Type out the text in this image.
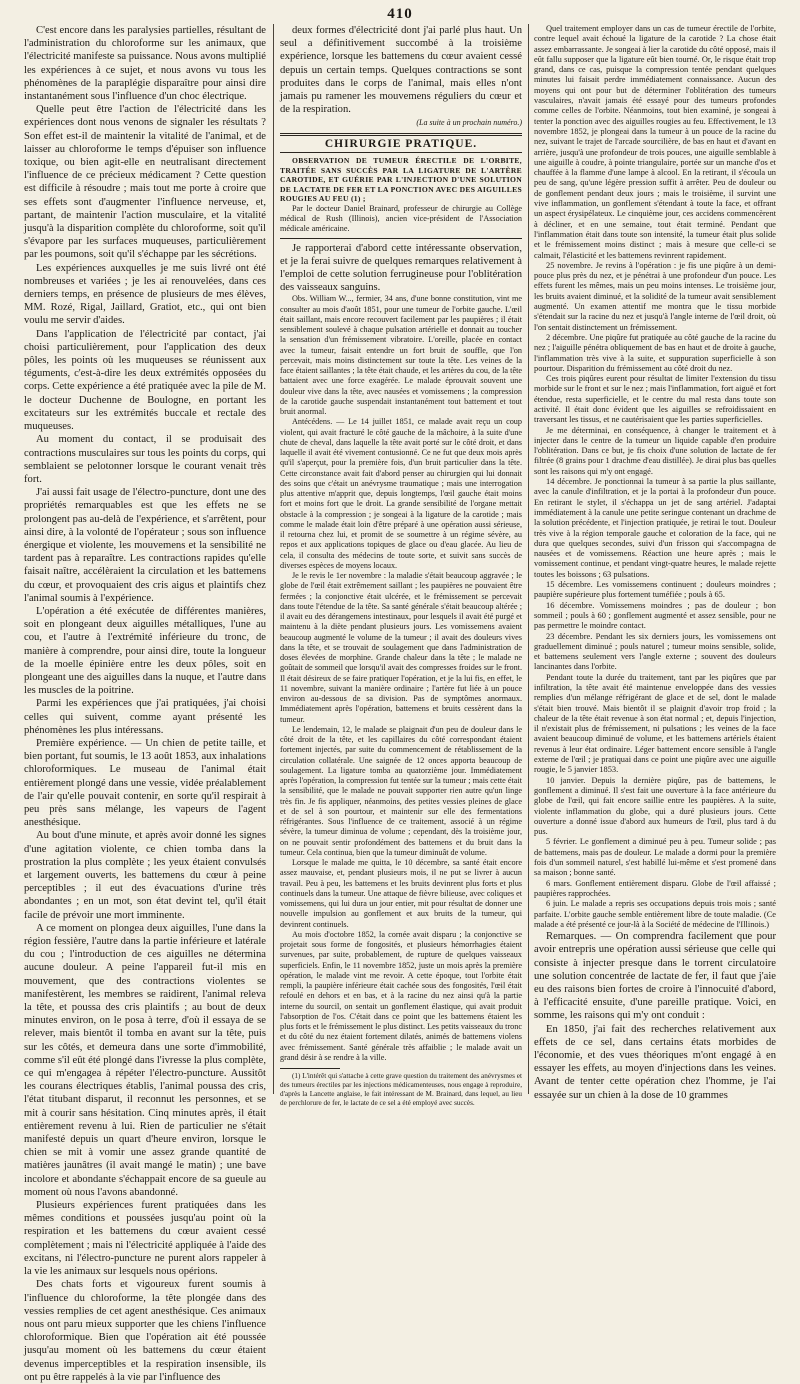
410

C'est encore dans les paralysies partielles, résultant de l'administration du chloroforme sur les animaux, que l'électricité manifeste sa puissance. Nous avons multiplié les expériences à ce sujet, et nous avons vu tous les phénomènes de la paraplégie disparaître pour ainsi dire instantanément sous l'influence d'un choc électrique.

Quelle peut être l'action de l'électricité dans les expériences dont nous venons de signaler les résultats ? Son effet est-il de maintenir la vitalité de l'animal, et de laisser au chloroforme le temps d'épuiser son influence toxique, ou bien agit-elle en neutralisant directement l'influence de ce précieux médicament ? Cette question est difficile à résoudre ; mais tout me porte à croire que ses effets sont d'augmenter l'influence nerveuse, et, partant, de maintenir l'action musculaire, et la vitalité jusqu'à la disparition complète du chloroforme, soit qu'il s'évapore par les surfaces muqueuses, particulièrement par les poumons, soit qu'il s'échappe par les sécrétions.

Les expériences auxquelles je me suis livré ont été nombreuses et variées ; je les ai renouvelées, dans ces derniers temps, en présence de plusieurs de mes élèves, MM. Rozé, Rigal, Jaillard, Gratiot, etc., qui ont bien voulu me servir d'aides.

Dans l'application de l'électricité par contact, j'ai choisi particulièrement, pour l'application des deux pôles, les points où les muqueuses se réunissent aux téguments, c'est-à-dire les deux extrémités opposées du corps. Cette expérience a été pratiquée avec la pile de M. le docteur Duchenne de Boulogne, en portant les excitateurs sur les extrémités buccale et rectale des muqueuses.

Au moment du contact, il se produisait des contractions musculaires sur tous les points du corps, qui semblaient se pelotonner lorsque le courant venait très fort.

J'ai aussi fait usage de l'électro-puncture, dont une des propriétés remarquables est que les effets ne se prolongent pas au-delà de l'expérience, et s'arrêtent, pour ainsi dire, à la volonté de l'opérateur ; sous son influence énergique et violente, les mouvemens et la sensibilité ne tardent pas à reparaître. Les contractions rapides qu'elle faisait naître, accélèraient la circulation et les battemens du cœur, et provoquaient des cris aigus et plaintifs chez l'animal soumis à l'expérience.

L'opération a été exécutée de différentes manières, soit en plongeant deux aiguilles métalliques, l'une au cou, et l'autre à l'extrémité inférieure du tronc, de manière à comprendre, pour ainsi dire, toute la longueur de la moelle épinière entre les deux pôles, soit en plongeant une des aiguilles dans la nuque, et l'autre dans les muscles de la poitrine.

Parmi les expériences que j'ai pratiquées, j'ai choisi celles qui suivent, comme ayant présenté les phénomènes les plus intéressans.

Première expérience. — Un chien de petite taille, et bien portant, fut soumis, le 13 août 1853, aux inhalations chloroformiques. Le museau de l'animal était entièrement plongé dans une vessie, vidée préalablement de l'air qu'elle pouvait contenir, en sorte qu'il respirait à peu près sans mélange, les vapeurs de l'agent anesthésique.

Au bout d'une minute, et après avoir donné les signes d'une agitation violente, ce chien tomba dans la prostration la plus complète ; les yeux étaient convulsés et largement ouverts, les battemens du cœur à peine perceptibles ; il eut des évacuations d'urine très abondantes ; en un mot, son état devint tel, qu'il était facile de prévoir une mort imminente.

A ce moment on plongea deux aiguilles, l'une dans la région fessière, l'autre dans la partie inférieure et latérale du cou ; l'introduction de ces aiguilles ne détermina aucune douleur. A peine l'appareil fut-il mis en mouvement, que des contractions violentes se manifestèrent, les membres se raidirent, l'animal releva la tête, et poussa des cris plaintifs ; au bout de deux minutes environ, on le posa à terre, d'où il essaya de se relever, mais bientôt il tomba en avant sur la tête, puis sur les côtés, et demeura dans une sorte d'immobilité, comme s'il eût été plongé dans l'ivresse la plus complète, ce qui m'engagea à répéter l'électro-puncture. Aussitôt les courans électriques établis, l'animal poussa des cris, l'état titubant disparut, il reconnut les personnes, et se mit à courir sans hésitation. Cinq minutes après, il était entièrement revenu à lui. Rien de particulier ne s'était manifesté depuis un quart d'heure environ, lorsque le chien se mit à vomir une assez grande quantité de matières jaunâtres (il avait mangé le matin) ; une bave incolore et abondante s'échappait encore de sa gueule au moment où nous l'avons abandonné.

Plusieurs expériences furent pratiquées dans les mêmes conditions et poussées jusqu'au point où la respiration et les battemens du cœur avaient cessé complètement ; mais ni l'électricité appliquée à l'aide des excitans, ni l'électro-puncture ne purent alors rappeler à la vie les animaux sur lesquels nous opérions.

Des chats forts et vigoureux furent soumis à l'influence du chloroforme, la tête plongée dans des vessies remplies de cet agent anesthésique. Ces animaux nous ont paru mieux supporter que les chiens l'influence chloroformique. Bien que l'opération ait été poussée jusqu'au moment où les battemens du cœur étaient devenus imperceptibles et la respiration insensible, ils ont pu être rappelés à la vie par l'influence des

deux formes d'électricité dont j'ai parlé plus haut. Un seul a définitivement succombé à la troisième expérience, lorsque les battemens du cœur avaient cessé depuis un certain temps. Quelques contractions se sont produites dans le corps de l'animal, mais elles n'ont jamais pu ramener les mouvemens réguliers du cœur et de la respiration.

(La suite à un prochain numéro.)
CHIRURGIE PRATIQUE.

OBSERVATION DE TUMEUR ÉRECTILE DE L'ORBITE, TRAITÉE SANS SUCCÈS PAR LA LIGATURE DE L'ARTÈRE CAROTIDE, ET GUÉRIE PAR L'INJECTION D'UNE SOLUTION DE LACTATE DE FER ET LA PONCTION AVEC DES AIGUILLES ROUGIES AU FEU (1) ;

Par le docteur Daniel Brainard, professeur de chirurgie au Collège médical de Rush (Illinois), ancien vice-président de l'Association médicale américaine.

Je rapporterai d'abord cette intéressante observation, et je la ferai suivre de quelques remarques relativement à l'emploi de cette solution ferrugineuse pour l'oblitération des vaisseaux sanguins.

Obs. William W..., fermier, 34 ans, d'une bonne constitution, vint me consulter au mois d'août 1851, pour une tumeur de l'orbite gauche. L'œil était saillant, mais encore recouvert facilement par les paupières ; il était sensiblement soulevé à chaque pulsation artérielle et donnait au toucher la sensation d'un frémissement vibratoire. L'oreille, placée en contact avec la tumeur, faisait entendre un fort bruit de souffle, que l'on percevait, mais moins distinctement sur toute la tête. Les veines de la face étaient saillantes ; la tête était chaude, et les artères du cou, de la tête battaient avec une force exagérée. Le malade éprouvait souvent une douleur vive dans la tête, avec nausées et vomissemens ; la compression de la carotide gauche suspendait instantanément tout battement et tout bruit anormal.

Antécédens. — Le 14 juillet 1851, ce malade avait reçu un coup violent, qui avait fracturé le côté gauche de la mâchoire, à la suite d'une chute de cheval, dans laquelle la tête avait porté sur le côté droit, et dans laquelle il avait été vivement contusionné. Ce ne fut que deux mois après qu'il s'aperçut, pour la première fois, d'un bruit particulier dans la tête. Cette circonstance avait fait d'abord penser au chirurgien qui lui donnait des soins que c'était un anévrysme traumatique ; mais une interrogation plus attentive m'apprit que, depuis longtemps, l'œil gauche était moins fort et moins fort que le droit. La grande sensibilité de l'organe mettait obstacle à la compression ; je songeai à la ligature de la carotide ; mais comme le malade était loin d'être préparé à une opération aussi sérieuse, il retourna chez lui, et promit de se soumettre à un régime sévère, au repos et aux applications topiques de glace ou d'eau glacée. Au lieu de cela, il consulta des médecins de toute sorte, et suivit sans succès de diverses espèces de moyens locaux.

Je le revis le 1er novembre : la maladie s'était beaucoup aggravée ; le globe de l'œil était extrêmement saillant ; les paupières ne pouvaient être fermées ; la conjonctive était ulcérée, et le frémissement se percevait dans toute l'étendue de la tête. Sa santé générale s'était beaucoup altérée ; il avait eu des dérangemens intestinaux, pour lesquels il avait été purgé et maintenu à la diète pendant plusieurs jours. Les vomissemens avaient beaucoup augmenté le volume de la tumeur ; il avait des douleurs vives dans la tête, et se trouvait de soulagement que dans l'administration de doses élevées de morphine. Grande chaleur dans la tête ; le malade ne goûtait de sommeil que lorsqu'il avait des compresses froides sur le front. Il était désireux de se faire pratiquer l'opération, et je la lui fis, en effet, le 11 novembre, suivant la manière ordinaire ; l'artère fut liée à un pouce environ au-dessous de sa division. Pas de symptômes anormaux. Immédiatement après l'opération, battemens et bruits cessèrent dans la tumeur.

Le lendemain, 12, le malade se plaignait d'un peu de douleur dans le côté droit de la tête, et les capillaires du côté correspondant étaient fortement injectés, par suite du commencement de rétablissement de la circulation collatérale. Une saignée de 12 onces apporta beaucoup de soulagement. La ligature tomba au quatorzième jour. Immédiatement après l'opération, la compression fut tentée sur la tumeur ; mais cette était la sensibilité, que le malade ne pouvait supporter rien autre qu'un linge très fin. Je fis appliquer, néanmoins, des petites vessies pleines de glace et de sel à son pourtour, et maintenir sur elle des fermentations réfrigérantes. Sous l'influence de ce traitement, associé à un régime sévère, la tumeur diminua de volume ; cependant, dès la troisième jour, on ne pouvait sentir profondément des battemens et du bruit dans la tumeur. Cela continua, bien que la tumeur diminuât de volume.

Lorsque le malade me quitta, le 10 décembre, sa santé était encore assez mauvaise, et, pendant plusieurs mois, il ne put se livrer à aucun travail. Peu à peu, les battemens et les bruits devinrent plus forts et plus continuels dans la tumeur. Une attaque de fièvre bilieuse, avec coliques et vomissemens, qui lui dura un jour entier, mit pour résultat de donner une nouvelle impulsion au gonflement et aux bruits de la tumeur, qui devinrent continuels.

Au mois d'octobre 1852, la cornée avait disparu ; la conjonctive se projetait sous forme de fongosités, et plusieurs hémorrhagies étaient survenues, par suite, probablement, de rupture de quelques vaisseaux superficiels. Enfin, le 11 novembre 1852, juste un mois après la première opération, le malade vint me revoir. A cette époque, tout l'orbite était rempli, la paupière inférieure était cachée sous des fongosités, l'œil était refoulé en dehors et en bas, et à la racine du nez ainsi qu'à la partie interne du sourcil, on sentait un gonflement élastique, qui avait produit l'absorption de l'os. C'était dans ce point que les battemens étaient les plus forts et le frémissement le plus distinct. Les petits vaisseaux du tronc et du côté du nez étaient fortement dilatés, animés de battemens violens avec frémissement. Santé générale très affaiblie ; le malade avait un grand désir à se rendre à la ville.

(1) L'intérêt qui s'attache à cette grave question du traitement des anévrysmes et des tumeurs érectiles par les injections médicamenteuses, nous engage à reproduire, d'après la Lancette anglaise, le fait intéressant de M. Brainard, dans lequel, au lieu de perchlorure de fer, le lactate de ce sel a été employé avec succès.

Quel traitement employer dans un cas de tumeur érectile de l'orbite, contre lequel avait échoué la ligature de la carotide ? La chose était assez embarrassante. Je songeai à lier la carotide du côté opposé, mais il eût fallu supposer que la ligature eût bien tourné. Or, le risque était trop grand, dans ce cas, puisque la compression tentée pendant quelques minutes lui faisait perdre immédiatement connaissance. Aucun des moyens qui ont pour but de déterminer l'oblitération des tumeurs vasculaires, n'avait jamais été essayé pour des tumeurs profondes comme celles de l'orbite. Néanmoins, tout bien examiné, je songeai à tenter la ponction avec des aiguilles rougies au feu. Effectivement, le 13 novembre 1852, je plongeai dans la tumeur à un pouce de la racine du nez, suivant le trajet de l'arcade sourcilière, de bas en haut et d'avant en arrière, jusqu'à une profondeur de trois pouces, une aiguille semblable à une aiguille à coudre, à pointe triangulaire, portée sur un manche d'os et chauffée à la flamme d'une lampe à alcool. En la retirant, il s'écoula un peu de sang, qu'une légère pression suffit à arrêter. Peu de douleur ou de gonflement pendant deux jours ; mais le troisième, il survint une vive inflammation, un gonflement s'étendant à toute la face, et offrant un aspect érysipélateux. Le cinquième jour, ces accidens commencèrent à décliner, et en une semaine, tout était terminé. Pendant que l'inflammation était dans toute son intensité, la tumeur était plus solide et le frémissement moins distinct ; mais à mesure que celle-ci se calmait, l'élasticité et les battemens revinrent rapidement.

25 novembre. Je revins à l'opération : je fis une piqûre à un demi-pouce plus près du nez, et je pénétrai à une profondeur d'un pouce. Les effets furent les mêmes, mais un peu moins intenses. Le troisième jour, les bruits avaient diminué, et la solidité de la tumeur avait sensiblement augmenté. Un examen attentif me montra que le tissu morbide s'étendait sur la racine du nez et jusqu'à l'angle interne de l'œil droit, où l'on sentait distinctement un frémissement.

2 décembre. Une piqûre fut pratiquée au côté gauche de la racine du nez ; l'aiguille pénétra obliquement de bas en haut et de droite à gauche, l'inflammation très vive à la suite, et suppuration superficielle à son pourtour. Disparition du frémissement au côté droit du nez.

Ces trois piqûres eurent pour résultat de limiter l'extension du tissu morbide sur le front et sur le nez ; mais l'inflammation, fort aiguë et fort étendue, resta superficielle, et le centre du mal resta dans toute son activité. Il était donc évident que les aiguilles se refroidissaient en traversant les tissus, et ne cautérisaient que les parties superficielles.

Je me déterminai, en conséquence, à changer le traitement et à injecter dans le centre de la tumeur un liquide capable d'en produire l'oblitération. Dans ce but, je fis choix d'une solution de lactate de fer filtrée (8 grains pour 1 drachme d'eau distillée). Je dirai plus bas quelles sont les raisons qui m'y ont engagé.

14 décembre. Je ponctionnai la tumeur à sa partie la plus saillante, avec la canule d'infiltration, et je la portai à la profondeur d'un pouce. En retirant le stylet, il s'échappa un jet de sang artériel. J'adaptai immédiatement à la canule une petite seringue contenant un drachme de la solution précédente, et l'injection pratiquée, je retirai le tout. Douleur très vive à la région temporale gauche et coloration de la face, qui ne dura que quelques secondes, suivi d'un frisson qui s'accompagna de nausées et de vomissemens. Réaction une heure après ; mais le vomissement continue, et pendant vingt-quatre heures, le malade rejette toutes les boissons ; 63 pulsations.

15 décembre. Les vomissemens continuent ; douleurs moindres ; paupière supérieure plus fortement tuméfiée ; pouls à 65.

16 décembre. Vomissemens moindres ; pas de douleur ; bon sommeil ; pouls à 60 ; gonflement augmenté et assez sensible, pour ne pas permettre le moindre contact.

23 décembre. Pendant les six derniers jours, les vomissemens ont graduellement diminué ; pouls naturel ; tumeur moins sensible, solide, et battemens seulement vers l'angle externe ; souvent des douleurs lancinantes dans l'orbite.

Pendant toute la durée du traitement, tant par les piqûres que par infiltration, la tête avait été maintenue enveloppée dans des vessies remplies d'un mélange réfrigérant de glace et de sel, dont le malade s'était bien trouvé. Mais bientôt il se plaignit d'avoir trop froid ; la chaleur de la tête était revenue à son état normal ; et, depuis l'injection, il n'existait plus de frémissement, ni pulsations ; les veines de la face avaient beaucoup diminué de volume, et les battemens artériels étaient revenus à leur état ordinaire. Léger battement encore sensible à l'angle externe de l'œil ; je pratiquai dans ce point une piqûre avec une aiguille rougie, le 5 janvier 1853.

10 janvier. Depuis la dernière piqûre, pas de battemens, le gonflement a diminué. Il s'est fait une ouverture à la face antérieure du globe de l'œil, qui fait encore saillie entre les paupières. A la suite, violente inflammation du globe, qui a duré plusieurs jours. Cette ouverture a donné issue d'abord aux humeurs de l'œil, plus tard à du pus.

5 février. Le gonflement a diminué peu à peu. Tumeur solide ; pas de battemens, mais pas de douleur. Le malade a dormi pour la première fois d'un sommeil naturel, s'est habillé lui-même et s'est promené dans sa maison ; bonne santé.

6 mars. Gonflement entièrement disparu. Globe de l'œil affaissé ; paupières rapprochées.

6 juin. Le malade a repris ses occupations depuis trois mois ; santé parfaite. L'orbite gauche semble entièrement libre de toute maladie. (Ce malade a été présenté ce jour-là à la Société de médecine de l'Illinois.)

Remarques. — On comprendra facilement que pour avoir entrepris une opération aussi sérieuse que celle qui consiste à injecter presque dans le torrent circulatoire une solution concentrée de lactate de fer, il faut que j'aie eu des raisons bien fortes de croire à l'innocuité d'abord, à l'efficacité ensuite, d'une pareille pratique. Voici, en somme, les raisons qui m'y ont conduit :

En 1850, j'ai fait des recherches relativement aux effets de ce sel, dans certains états morbides de l'économie, et des vues théoriques m'ont engagé à en essayer les effets, au moyen d'injections dans les veines. Avant de tenter cette opération chez l'homme, je l'ai essayée sur un chien à la dose de 10 grammes
